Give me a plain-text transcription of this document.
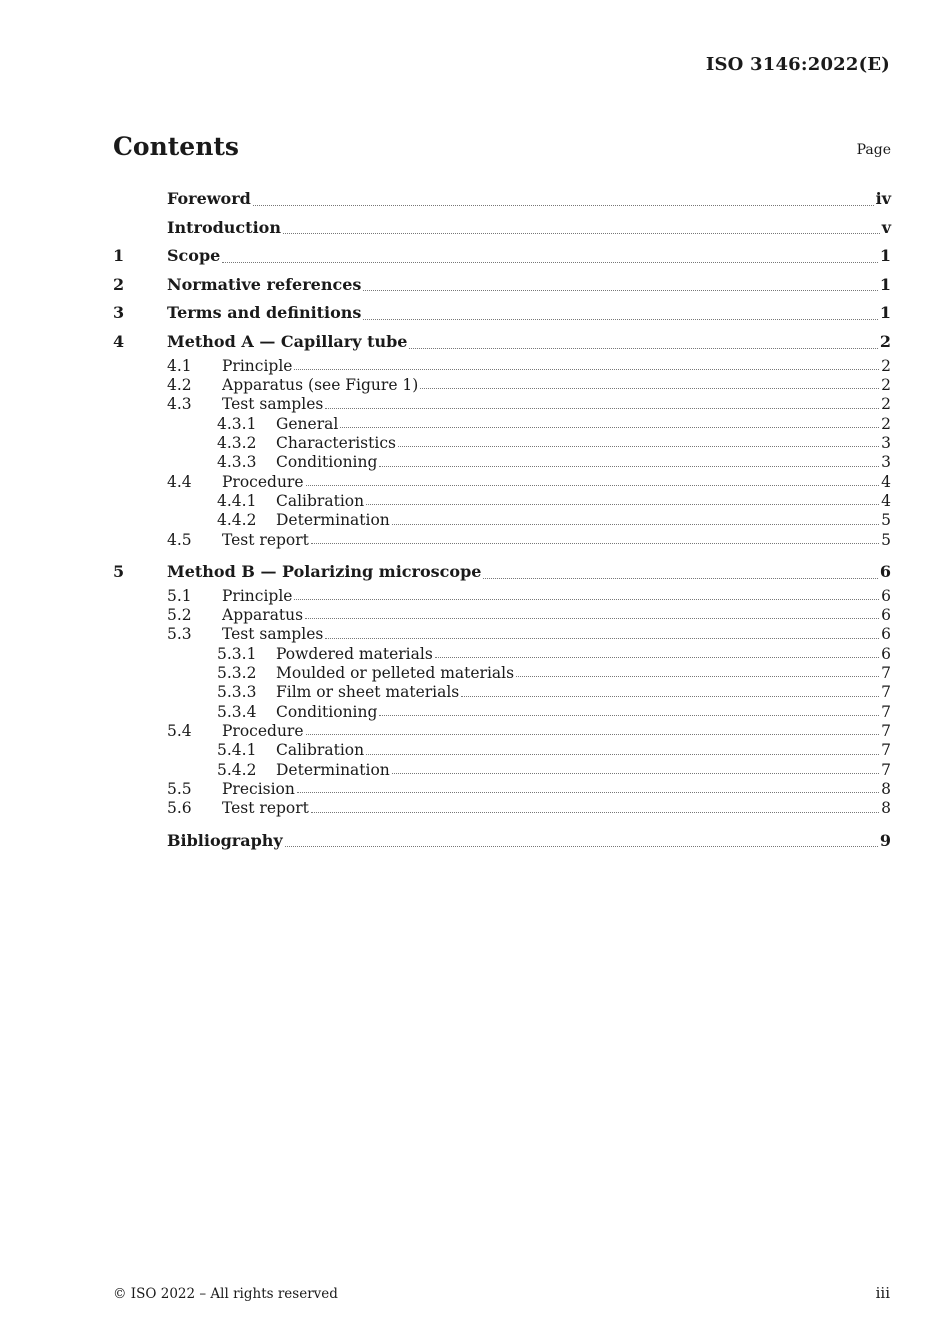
ISO 3146:2022(E)
Contents	Page
Foreword	iv
Introduction	v
1	Scope	1
2	Normative references	1
3	Terms and definitions	1
4	Method A — Capillary tube	2
4.1	Principle	2
4.2	Apparatus (see Figure 1)	2
4.3	Test samples	2
4.3.1	General	2
4.3.2	Characteristics	3
4.3.3	Conditioning	3
4.4	Procedure	4
4.4.1	Calibration	4
4.4.2	Determination	5
4.5	Test report	5
5	Method B — Polarizing microscope	6
5.1	Principle	6
5.2	Apparatus	6
5.3	Test samples	6
5.3.1	Powdered materials	6
5.3.2	Moulded or pelleted materials	7
5.3.3	Film or sheet materials	7
5.3.4	Conditioning	7
5.4	Procedure	7
5.4.1	Calibration	7
5.4.2	Determination	7
5.5	Precision	8
5.6	Test report	8
Bibliography	9
© ISO 2022 – All rights reserved	iii
